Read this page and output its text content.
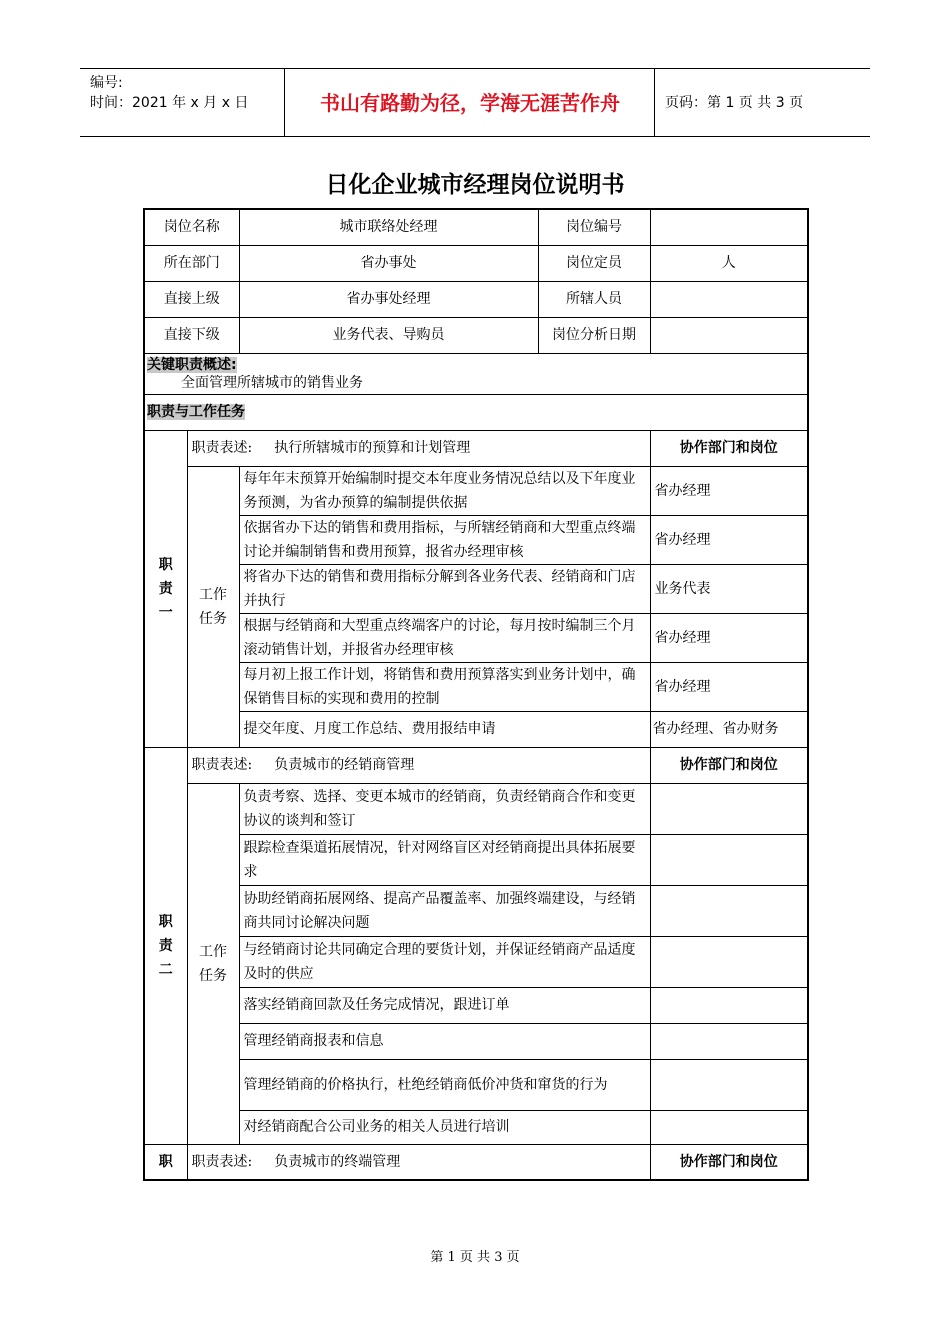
编号:
时间：2021 年 x 月 x 日	书山有路勤为径，学海无涯苦作舟	页码：第 1 页 共 3 页
日化企业城市经理岗位说明书
岗位名称		城市联络处经理	岗位编号	
所在部门		省办事处	岗位定员	人
直接上级		省办事处经理	所辖人员	
直接下级		业务代表、导购员	岗位分析日期	
关键职责概述:
全面管理所辖城市的销售业务				
职责与工作任务				
职
责
一	职责表述: 执行所辖城市的预算和计划管理			协作部门和岗位
	工作
任务	每年年末预算开始编制时提交本年度业务情况总结以及下年度业务预测，为省办预算的编制提供依据		省办经理
		依据省办下达的销售和费用指标，与所辖经销商和大型重点终端讨论并编制销售和费用预算，报省办经理审核		省办经理
		将省办下达的销售和费用指标分解到各业务代表、经销商和门店并执行		业务代表
		根据与经销商和大型重点终端客户的讨论，每月按时编制三个月滚动销售计划，并报省办经理审核		省办经理
		每月初上报工作计划，将销售和费用预算落实到业务计划中，确保销售目标的实现和费用的控制		省办经理
		提交年度、月度工作总结、费用报结申请		省办经理、省办财务
职
责
二	职责表述: 负责城市的经销商管理			协作部门和岗位
	工作
任务	负责考察、选择、变更本城市的经销商，负责经销商合作和变更协议的谈判和签订		
		跟踪检查渠道拓展情况，针对网络盲区对经销商提出具体拓展要求		
		协助经销商拓展网络、提高产品覆盖率、加强终端建设，与经销商共同讨论解决问题		
		与经销商讨论共同确定合理的要货计划，并保证经销商产品适度及时的供应		
		落实经销商回款及任务完成情况，跟进订单		
		管理经销商报表和信息		
		管理经销商的价格执行，杜绝经销商低价冲货和窜货的行为		
		对经销商配合公司业务的相关人员进行培训		
职	职责表述: 负责城市的终端管理			协作部门和岗位
第 1 页 共 3 页
